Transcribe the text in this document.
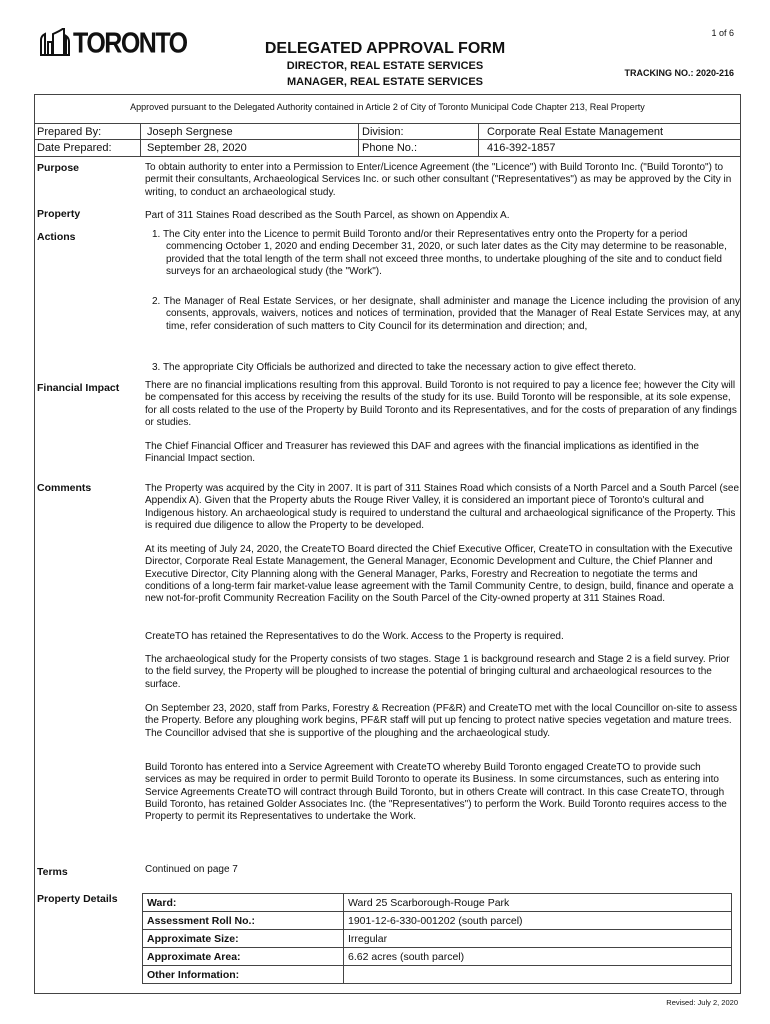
1 of 6
TORONTO	DELEGATED APPROVAL FORM
DIRECTOR, REAL ESTATE SERVICES
MANAGER, REAL ESTATE SERVICES
TRACKING NO.: 2020-216
Approved pursuant to the Delegated Authority contained in Article 2 of City of Toronto Municipal Code Chapter 213, Real Property
Prepared By:	Joseph Sergnese	Division:	Corporate Real Estate Management
Date Prepared:	September 28, 2020	Phone No.:	416-392-1857
Purpose	To obtain authority to enter into a Permission to Enter/Licence Agreement (the "Licence") with Build Toronto Inc. ("Build Toronto") to permit their consultants, Archaeological Services Inc. or such other consultant ("Representatives") as may be approved by the City in writing, to conduct an archaeological study.
Property	Part of 311 Staines Road described as the South Parcel, as shown on Appendix A.
Actions	1. The City enter into the Licence to permit Build Toronto and/or their Representatives entry onto the Property for a period commencing October 1, 2020 and ending December 31, 2020, or such later dates as the City may determine to be reasonable, provided that the total length of the term shall not exceed three months, to undertake ploughing of the site and to conduct field surveys for an archaeological study (the "Work").
2. The Manager of Real Estate Services, or her designate, shall administer and manage the Licence including the provision of any consents, approvals, waivers, notices and notices of termination, provided that the Manager of Real Estate Services may, at any time, refer consideration of such matters to City Council for its determination and direction; and,
3. The appropriate City Officials be authorized and directed to take the necessary action to give effect thereto.
Financial Impact	There are no financial implications resulting from this approval. Build Toronto is not required to pay a licence fee; however the City will be compensated for this access by receiving the results of the study for its use. Build Toronto will be responsible, at its sole expense, for all costs related to the use of the Property by Build Toronto and its Representatives, and for the costs of preparation of any findings or studies.
The Chief Financial Officer and Treasurer has reviewed this DAF and agrees with the financial implications as identified in the Financial Impact section.
Comments	The Property was acquired by the City in 2007. It is part of 311 Staines Road which consists of a North Parcel and a South Parcel (see Appendix A). Given that the Property abuts the Rouge River Valley, it is considered an important piece of Toronto's cultural and Indigenous history. An archaeological study is required to understand the cultural and archaeological significance of the Property. This is required due diligence to allow the Property to be developed.
At its meeting of July 24, 2020, the CreateTO Board directed the Chief Executive Officer, CreateTO in consultation with the Executive Director, Corporate Real Estate Management, the General Manager, Economic Development and Culture, the Chief Planner and Executive Director, City Planning along with the General Manager, Parks, Forestry and Recreation to negotiate the terms and conditions of a long-term fair market-value lease agreement with the Tamil Community Centre, to design, build, finance and operate a new not-for-profit Community Recreation Facility on the South Parcel of the City-owned property at 311 Staines Road.
CreateTO has retained the Representatives to do the Work. Access to the Property is required.
The archaeological study for the Property consists of two stages. Stage 1 is background research and Stage 2 is a field survey. Prior to the field survey, the Property will be ploughed to increase the potential of bringing cultural and archaeological resources to the surface.
On September 23, 2020, staff from Parks, Forestry & Recreation (PF&R) and CreateTO met with the local Councillor on-site to assess the Property. Before any ploughing work begins, PF&R staff will put up fencing to protect native species vegetation and mature trees. The Councillor advised that she is supportive of the ploughing and the archaeological study.
Build Toronto has entered into a Service Agreement with CreateTO whereby Build Toronto engaged CreateTO to provide such services as may be required in order to permit Build Toronto to operate its Business. In some circumstances, such as entering into Service Agreements CreateTO will contract through Build Toronto, but in others Create will contract. In this case CreateTO, through Build Toronto, has retained Golder Associates Inc. (the "Representatives") to perform the Work. Build Toronto requires access to the Property to permit its Representatives to undertake the Work.
Terms	Continued on page 7
Property Details	Ward:	Ward 25 Scarborough-Rouge Park
Assessment Roll No.:	1901-12-6-330-001202 (south parcel)
Approximate Size:	Irregular
Approximate Area:	6.62 acres (south parcel)
Other Information:	
Revised: July 2, 2020
